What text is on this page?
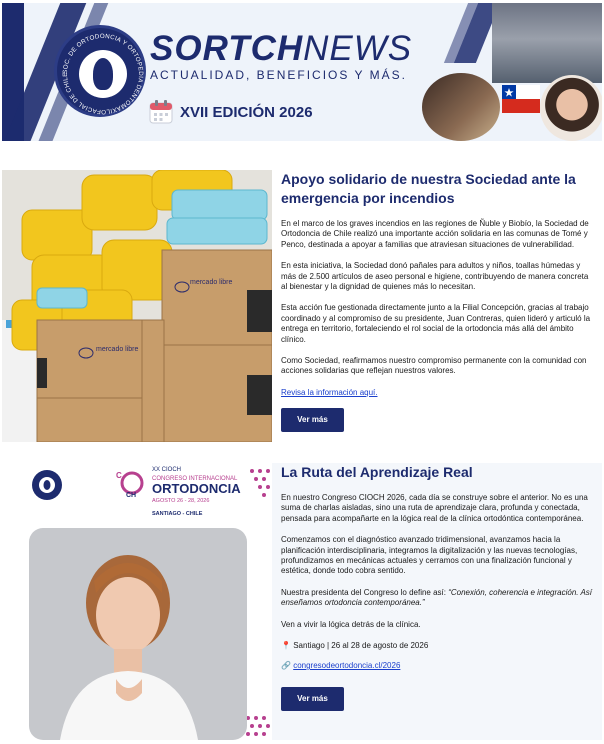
SOC. DE ORTODONCIA Y ORTOPEDIA DENTOMAXILOFACIAL DE CHILE
SORTCHNEWS
ACTUALIDAD, BENEFICIOS Y MÁS.
XVII EDICIÓN 2026
mercado libre
mercado libre
Apoyo solidario de nuestra Sociedad ante la emergencia por incendios

En el marco de los graves incendios en las regiones de Ñuble y Biobío, la Sociedad de Ortodoncia de Chile realizó una importante acción solidaria en las comunas de Tomé y Penco, destinada a apoyar a familias que atraviesan situaciones de vulnerabilidad.

En esta iniciativa, la Sociedad donó pañales para adultos y niños, toallas húmedas y más de 2.500 artículos de aseo personal e higiene, contribuyendo de manera concreta al bienestar y la dignidad de quienes más lo necesitan.

Esta acción fue gestionada directamente junto a la Filial Concepción, gracias al trabajo coordinado y al compromiso de su presidente, Juan Contreras, quien lideró y articuló la entrega en territorio, fortaleciendo el rol social de la ortodoncia más allá del ámbito clínico.

Como Sociedad, reafirmamos nuestro compromiso permanente con la comunidad con acciones solidarias que reflejan nuestros valores.

Revisa la información aquí.
Ver más
C
CH
XX CIOCH
CONGRESO INTERNACIONAL
ORTODONCIA
AGOSTO 26 - 28, 2026
SANTIAGO - CHILE
La Ruta del Aprendizaje Real

En nuestro Congreso CIOCH 2026, cada día se construye sobre el anterior. No es una suma de charlas aisladas, sino una ruta de aprendizaje clara, profunda y conectada, pensada para acompañarte en la lógica real de la clínica ortodóntica contemporánea.

Comenzamos con el diagnóstico avanzado tridimensional, avanzamos hacia la planificación interdisciplinaria, integramos la digitalización y las nuevas tecnologías, profundizamos en mecánicas actuales y cerramos con una finalización funcional y estética, donde todo cobra sentido.

Nuestra presidenta del Congreso lo define así: “Conexión, coherencia e integración. Así enseñamos ortodoncia contemporánea.”

Ven a vivir la lógica detrás de la clínica.

📍 Santiago | 26 al 28 de agosto de 2026
🔗 congresodeortodoncia.cl/2026
Ver más
